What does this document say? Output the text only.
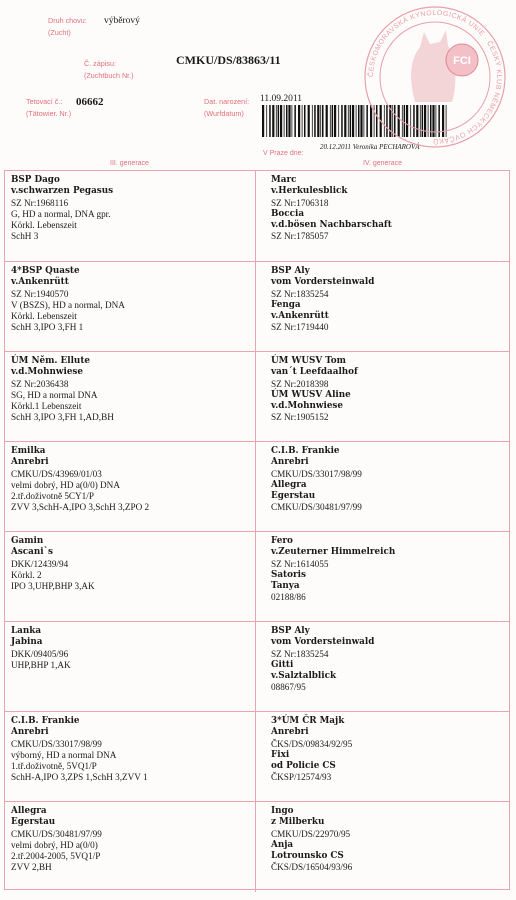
Druh chovu:
(Zucht)
výběrový
Č. zápisu:
(Zuchtbuch Nr.)
CMKU/DS/83863/11
Tetovací č.:
(Tätowier. Nr.)
06662	Dat. narození:
(Wurfdatum)
11.09.2011
V Praze dne:
20.12.2011 Veronika PECHAROVÁ
ČESKOMORAVSKÁ KYNOLOGICKÁ UNIE · ČESKÝ KLUB NĚMECKÝCH OVČÁKŮ
FCI
III. generace	IV. generace
BSP Dago
v.schwarzen Pegasus
SZ Nr:1968116
G, HD a normal, DNA gpr.
Körkl. Lebenszeit
SchH 3
Marc
v.Herkulesblick
SZ Nr:1706318
Boccia
v.d.bösen Nachbarschaft
SZ Nr:1785057
4*BSP Quaste
v.Ankenrütt
SZ Nr:1940570
V (BSZS), HD a normal, DNA
Körkl. Lebenszeit
SchH 3,IPO 3,FH 1
BSP Aly
vom Vordersteinwald
SZ Nr:1835254
Fenga
v.Ankenrütt
SZ Nr:1719440
ÚM Něm. Ellute
v.d.Mohnwiese
SZ Nr:2036438
SG, HD a normal DNA
Körkl.1 Lebenszeit
SchH 3,IPO 3,FH 1,AD,BH
ÚM WUSV Tom
van´t Leefdaalhof
SZ Nr:2018398
ÚM WUSV Aline
v.d.Mohnwiese
SZ Nr:1905152
Emilka
Anrebri
CMKU/DS/43969/01/03
velmi dobrý, HD a(0/0) DNA
2.tř.doživotně 5CY1/P
ZVV 3,SchH-A,IPO 3,SchH 3,ZPO 2
C.I.B. Frankie
Anrebri
CMKU/DS/33017/98/99
Allegra
Egerstau
CMKU/DS/30481/97/99
Gamin
Ascani`s
DKK/12439/94
Körkl. 2
IPO 3,UHP,BHP 3,AK
Fero
v.Zeuterner Himmelreich
SZ Nr:1614055
Satoris
Tanya
02188/86
Lanka
Jabina
DKK/09405/96
UHP,BHP 1,AK
BSP Aly
vom Vordersteinwald
SZ Nr:1835254
Gitti
v.Salztalblick
08867/95
C.I.B. Frankie
Anrebri
CMKU/DS/33017/98/99
výborný, HD a normal DNA
1.tř.doživotně, 5VQ1/P
SchH-A,IPO 3,ZPS 1,SchH 3,ZVV 1
3*ÚM ČR Majk
Anrebri
ČKS/DS/09834/92/95
Fixi
od Policie CS
ČKSP/12574/93
Allegra
Egerstau
CMKU/DS/30481/97/99
velmi dobrý, HD a(0/0)
2.tř.2004-2005, 5VQ1/P
ZVV 2,BH
Ingo
z Milberku
CMKU/DS/22970/95
Anja
Lotrounsko CS
ČKS/DS/16504/93/96
